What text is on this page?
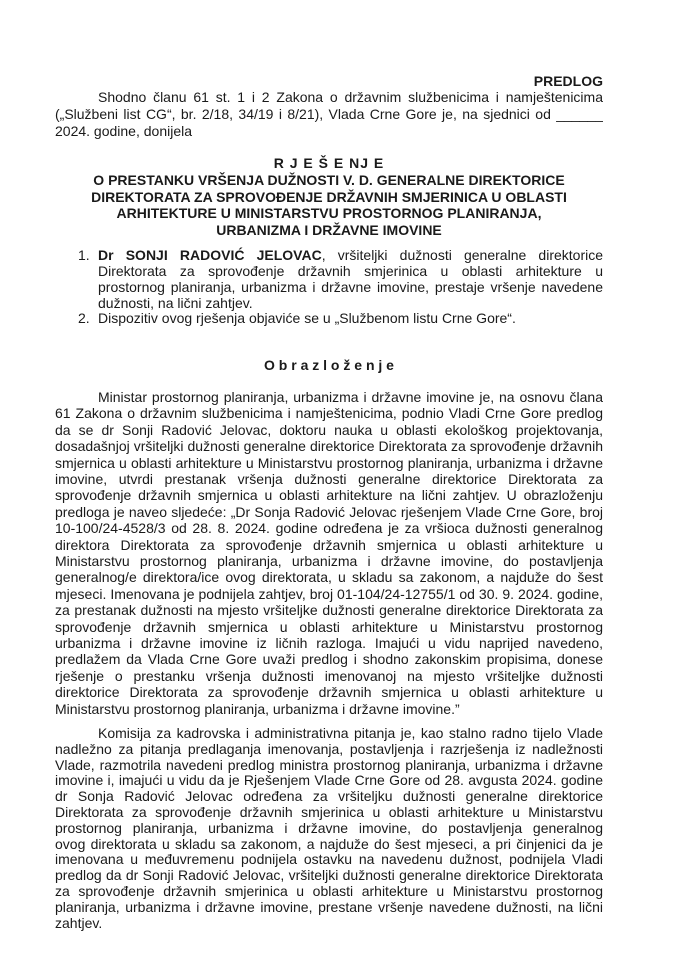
PREDLOG
R J E Š E NJ E
1. Dr SONJI RADOVIĆ JELOVAC, vršiteljki dužnosti generalne direktorice
2. Dispozitiv ovog rješenja objaviće se u „Službenom listu Crne Gore“.
O b r a z l o ž e n j e
Shodno članu 61 st. 1 i 2 Zakona o državnim službenicima i namještenicima
(„Službeni list CG“, br. 2/18, 34/19 i 8/21), Vlada Crne Gore je, na sjednici od ______
2024. godine, donijela
O PRESTANKU VRŠENJA DUŽNOSTI V. D. GENERALNE DIREKTORICE
DIREKTORATA ZA SPROVOĐENJE DRŽAVNIH SMJERINICA U OBLASTI
ARHITEKTURE U MINISTARSTVU PROSTORNOG PLANIRANJA,
URBANIZMA I DRŽAVNE IMOVINE
Direktorata za sprovođenje državnih smjerinica u oblasti arhitekture u
prostornog planiranja, urbanizma i državne imovine, prestaje vršenje navedene
dužnosti, na lični zahtjev.
Ministar prostornog planiranja, urbanizma i državne imovine je, na osnovu člana
61 Zakona o državnim službenicima i namještenicima, podnio Vladi Crne Gore predlog
da se dr Sonji Radović Jelovac, doktoru nauka u oblasti ekološkog projektovanja,
dosadašnjoj vršiteljki dužnosti generalne direktorice Direktorata za sprovođenje državnih
smjernica u oblasti arhitekture u Ministarstvu prostornog planiranja, urbanizma i državne
imovine, utvrdi prestanak vršenja dužnosti generalne direktorice Direktorata za
sprovođenje državnih smjernica u oblasti arhitekture na lični zahtjev. U obrazloženju
predloga je naveo sljedeće: „Dr Sonja Radović Jelovac rješenjem Vlade Crne Gore, broj
10-100/24-4528/3 od 28. 8. 2024. godine određena je za vršioca dužnosti generalnog
direktora Direktorata za sprovođenje državnih smjernica u oblasti arhitekture u
Ministarstvu prostornog planiranja, urbanizma i državne imovine, do postavljenja
generalnog/e direktora/ice ovog direktorata, u skladu sa zakonom, a najduže do šest
mjeseci. Imenovana je podnijela zahtjev, broj 01-104/24-12755/1 od 30. 9. 2024. godine,
za prestanak dužnosti na mjesto vršiteljke dužnosti generalne direktorice Direktorata za
sprovođenje državnih smjernica u oblasti arhitekture u Ministarstvu prostornog
urbanizma i državne imovine iz ličnih razloga. Imajući u vidu naprijed navedeno,
predlažem da Vlada Crne Gore uvaži predlog i shodno zakonskim propisima, donese
rješenje o prestanku vršenja dužnosti imenovanoj na mjesto vršiteljke dužnosti
direktorice Direktorata za sprovođenje državnih smjernica u oblasti arhitekture u
Ministarstvu prostornog planiranja, urbanizma i državne imovine.”
Komisija za kadrovska i administrativna pitanja je, kao stalno radno tijelo Vlade
nadležno za pitanja predlaganja imenovanja, postavljenja i razrješenja iz nadležnosti
Vlade, razmotrila navedeni predlog ministra prostornog planiranja, urbanizma i državne
imovine i, imajući u vidu da je Rješenjem Vlade Crne Gore od 28. avgusta 2024. godine
dr Sonja Radović Jelovac određena za vršiteljku dužnosti generalne direktorice
Direktorata za sprovođenje državnih smjerinica u oblasti arhitekture u Ministarstvu
prostornog planiranja, urbanizma i državne imovine, do postavljenja generalnog
ovog direktorata u skladu sa zakonom, a najduže do šest mjeseci, a pri činjenici da je
imenovana u međuvremenu podnijela ostavku na navedenu dužnost, podnijela Vladi
predlog da dr Sonji Radović Jelovac, vršiteljki dužnosti generalne direktorice Direktorata
za sprovođenje državnih smjerinica u oblasti arhitekture u Ministarstvu prostornog
planiranja, urbanizma i državne imovine, prestane vršenje navedene dužnosti, na lični
zahtjev.
